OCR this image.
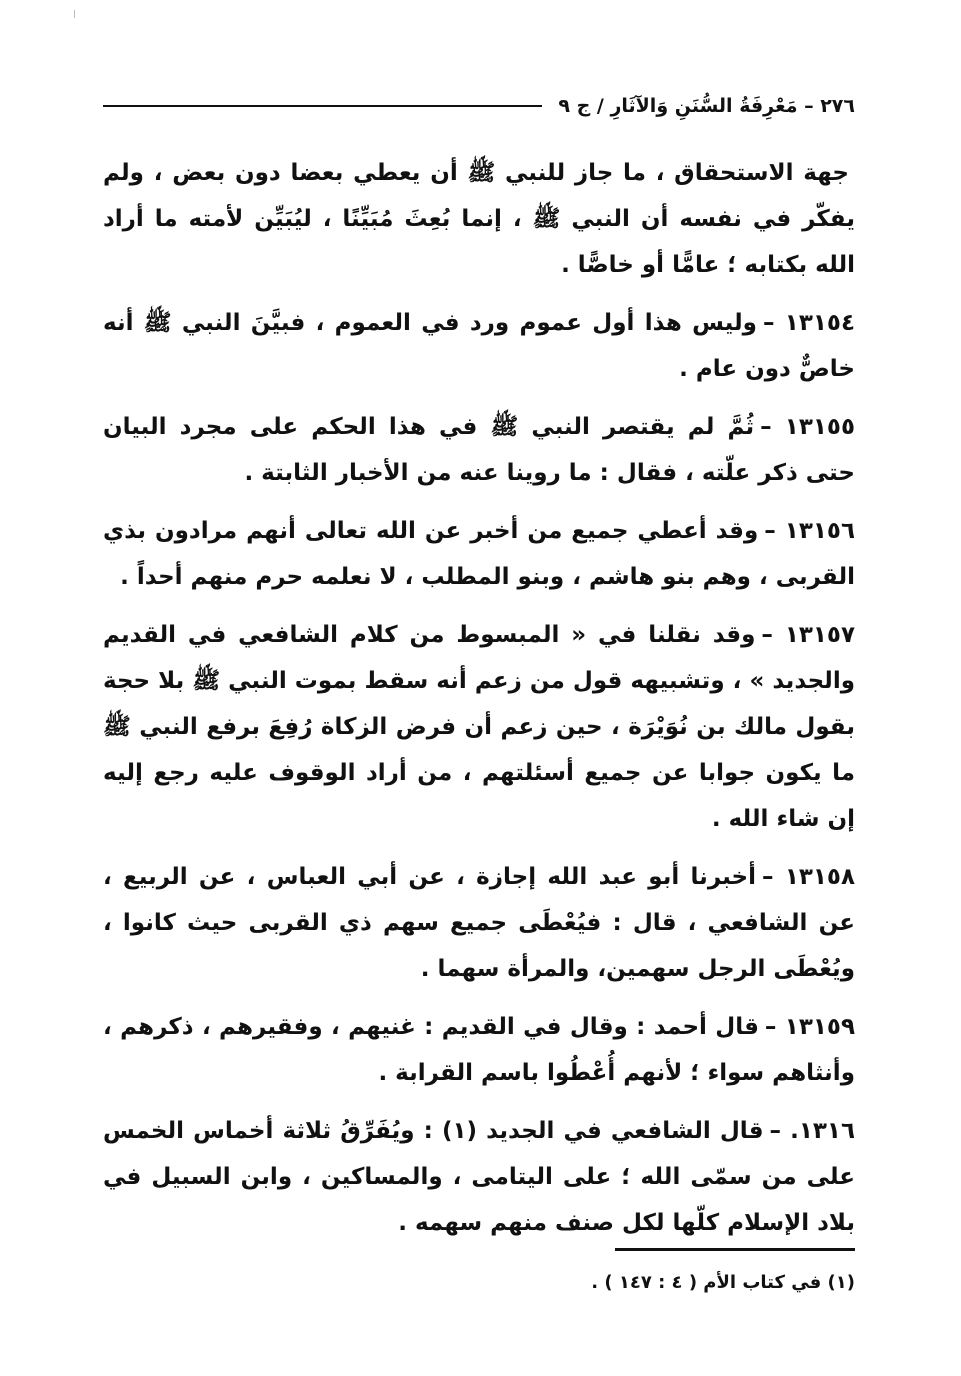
٢٧٦ – مَعْرِفَةُ السُّنَنِ وَالآثَارِ / ج ٩

جهة الاستحقاق ، ما جاز للنبي ﷺ أن يعطي بعضا دون بعض ، ولم يفكّر في نفسه أن النبي ﷺ ، إنما بُعِثَ مُبَيِّنًا ، ليُبَيِّن لأمته ما أراد الله بكتابه ؛ عامًّا أو خاصًّا .

١٣١٥٤ –وليس هذا أول عموم ورد في العموم ، فبيَّنَ النبي ﷺ أنه خاصٌّ دون عام .

١٣١٥٥ –ثُمَّ لم يقتصر النبي ﷺ في هذا الحكم على مجرد البيان حتى ذكر علّته ، فقال : ما روينا عنه من الأخبار الثابتة .

١٣١٥٦ –وقد أعطي جميع من أخبر عن الله تعالى أنهم مرادون بذي القربى ، وهم بنو هاشم ، وبنو المطلب ، لا نعلمه حرم منهم أحداً .

١٣١٥٧ –وقد نقلنا في « المبسوط من كلام الشافعي في القديم والجديد » ، وتشبيهه قول من زعم أنه سقط بموت النبي ﷺ بلا حجة بقول مالك بن نُوَيْرَة ، حين زعم أن فرض الزكاة رُفِعَ برفع النبي ﷺ ما يكون جوابا عن جميع أسئلتهم ، من أراد الوقوف عليه رجع إليه إن شاء الله .

١٣١٥٨ –أخبرنا أبو عبد الله إجازة ، عن أبي العباس ، عن الربيع ، عن الشافعي ، قال : فيُعْطَى جميع سهم ذي القربى حيث كانوا ، ويُعْطَى الرجل سهمين، والمرأة سهما .

١٣١٥٩ –قال أحمد : وقال في القديم : غنيهم ، وفقيرهم ، ذكرهم ، وأنثاهم سواء ؛ لأنهم أُعْطُوا باسم القرابة .

١٣١٦. –قال الشافعي في الجديد (١) : ويُفَرِّقُ ثلاثة أخماس الخمس على من سمّى الله ؛ على اليتامى ، والمساكين ، وابن السبيل في بلاد الإسلام كلّها لكل صنف منهم سهمه .

(١) في كتاب الأم ( ٤ : ١٤٧ ) .
